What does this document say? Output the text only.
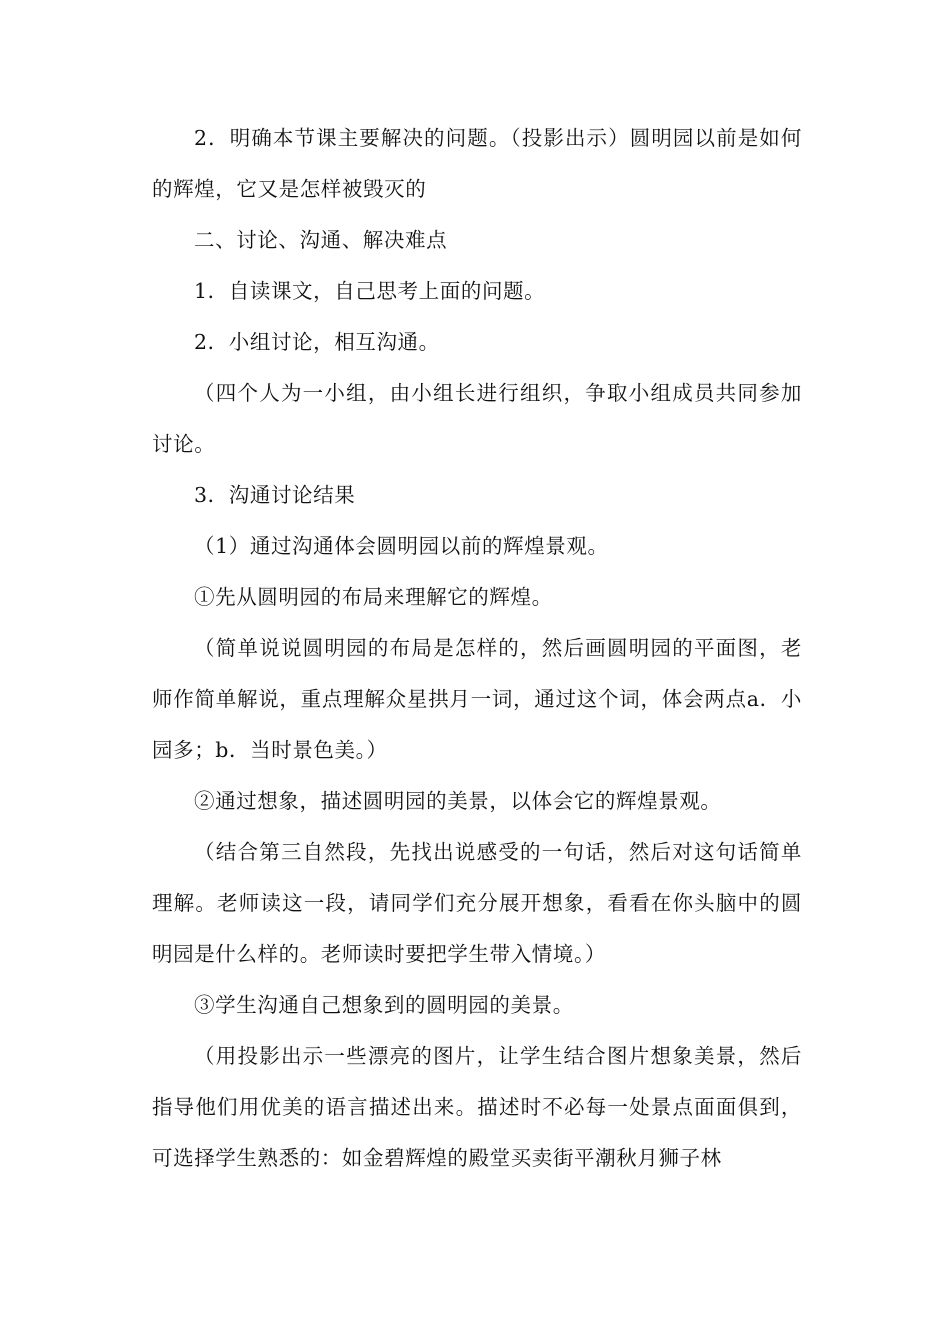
2．明确本节课主要解决的问题。（投影出示）圆明园以前是如何的辉煌，它又是怎样被毁灭的

二、讨论、沟通、解决难点

1．自读课文，自己思考上面的问题。

2．小组讨论，相互沟通。

（四个人为一小组，由小组长进行组织，争取小组成员共同参加讨论。

3．沟通讨论结果

（1）通过沟通体会圆明园以前的辉煌景观。

①先从圆明园的布局来理解它的辉煌。

（简单说说圆明园的布局是怎样的，然后画圆明园的平面图，老师作简单解说，重点理解众星拱月一词，通过这个词，体会两点a．小园多；b．当时景色美。）

②通过想象，描述圆明园的美景，以体会它的辉煌景观。

（结合第三自然段，先找出说感受的一句话，然后对这句话简单理解。老师读这一段，请同学们充分展开想象，看看在你头脑中的圆明园是什么样的。老师读时要把学生带入情境。）

③学生沟通自己想象到的圆明园的美景。

（用投影出示一些漂亮的图片，让学生结合图片想象美景，然后指导他们用优美的语言描述出来。描述时不必每一处景点面面俱到，可选择学生熟悉的：如金碧辉煌的殿堂买卖街平潮秋月狮子林
